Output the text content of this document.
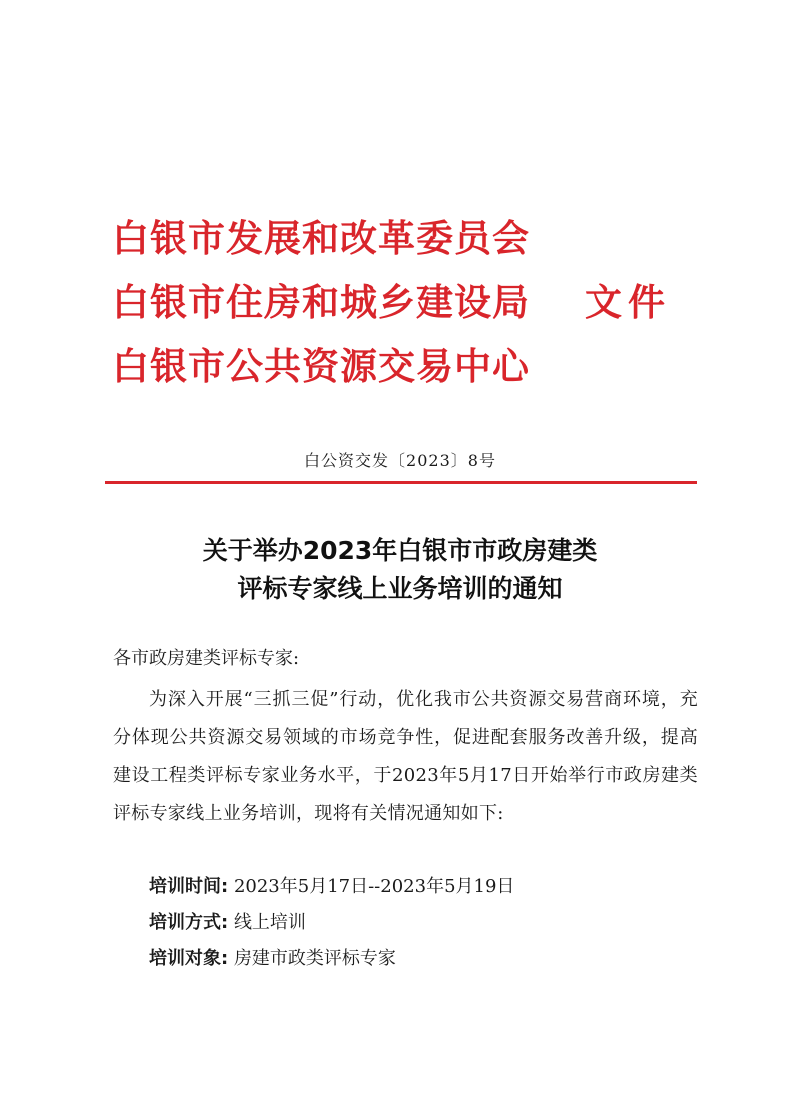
白银市发展和改革委员会
白银市住房和城乡建设局 文件
白银市公共资源交易中心
白公资交发〔2023〕8号
关于举办2023年白银市市政房建类
评标专家线上业务培训的通知
各市政房建类评标专家:
为深入开展“三抓三促”行动，优化我市公共资源交易营商环境，充分体现公共资源交易领域的市场竞争性，促进配套服务改善升级，提高建设工程类评标专家业务水平，于2023年5月17日开始举行市政房建类评标专家线上业务培训，现将有关情况通知如下:
培训时间: 2023年5月17日--2023年5月19日
培训方式: 线上培训
培训对象: 房建市政类评标专家
